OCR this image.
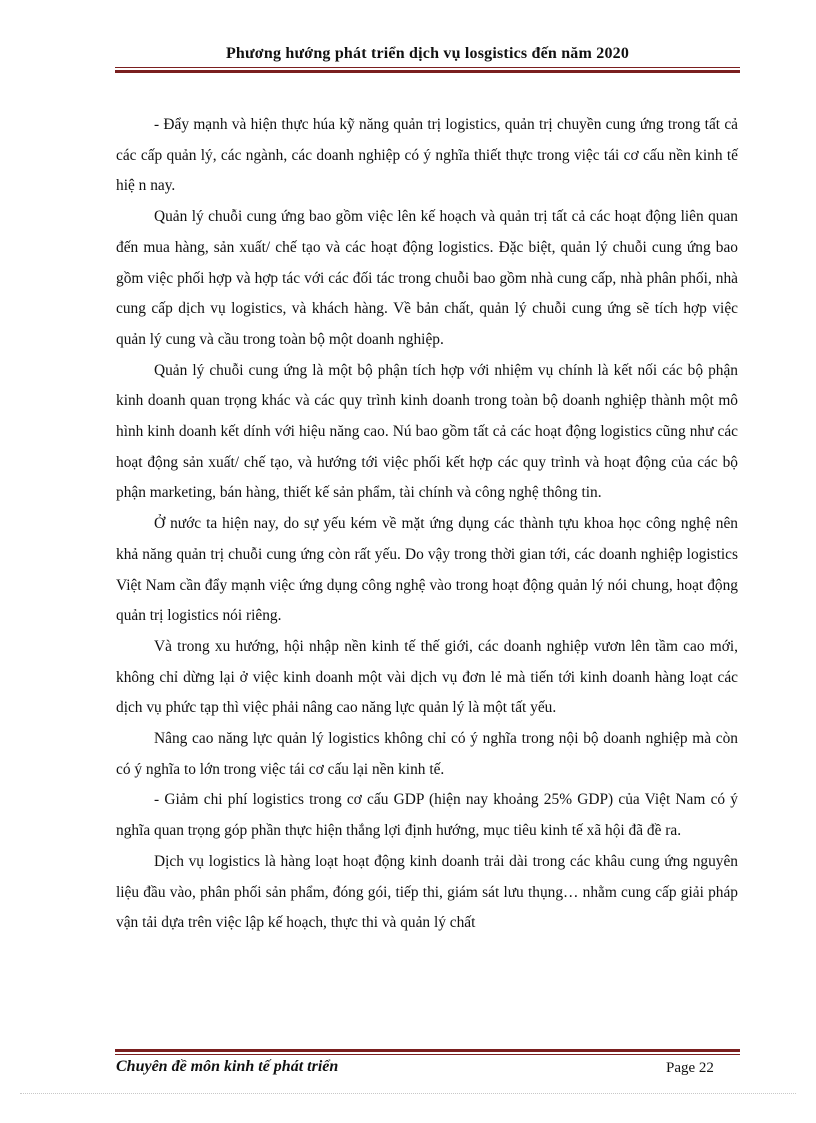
Phương hướng phát triển dịch vụ losgistics đến năm 2020

- Đẩy mạnh và hiện thực húa kỹ năng quản trị logistics, quản trị chuyền cung ứng trong tất cả các cấp quản lý, các ngành, các doanh nghiệp có ý nghĩa thiết thực trong việc tái cơ cấu nền kinh tế hiệ n nay.

Quản lý chuỗi cung ứng bao gồm việc lên kế hoạch và quản trị tất cả các hoạt động liên quan đến mua hàng, sản xuất/ chế tạo và các hoạt động logistics. Đặc biệt, quản lý chuỗi cung ứng bao gồm việc phối hợp và hợp tác với các đối tác trong chuỗi bao gồm nhà cung cấp, nhà phân phối, nhà cung cấp dịch vụ logistics, và khách hàng. Về bản chất, quản lý chuỗi cung ứng sẽ tích hợp việc quản lý cung và cầu trong toàn bộ một doanh nghiệp.

Quản lý chuỗi cung ứng là một bộ phận tích hợp với nhiệm vụ chính là kết nối các bộ phận kinh doanh quan trọng khác và các quy trình kinh doanh trong toàn bộ doanh nghiệp thành một mô hình kinh doanh kết dính với hiệu năng cao. Nú bao gồm tất cả các hoạt động logistics cũng như các hoạt động sản xuất/ chế tạo, và hướng tới việc phối kết hợp các quy trình và hoạt động của các bộ phận marketing, bán hàng, thiết kế sản phẩm, tài chính và công nghệ thông tin.

Ở nước ta hiện nay, do sự yếu kém về mặt ứng dụng các thành tựu khoa học công nghệ nên khả năng quản trị chuỗi cung ứng còn rất yếu. Do vậy trong thời gian tới, các doanh nghiệp logistics Việt Nam cần đẩy mạnh việc ứng dụng công nghệ vào trong hoạt động quản lý nói chung, hoạt động quản trị logistics nói riêng.

Và trong xu hướng, hội nhập nền kinh tế thế giới, các doanh nghiệp vươn lên tầm cao mới, không chỉ dừng lại ở việc kinh doanh một vài dịch vụ đơn lẻ mà tiến tới kinh doanh hàng loạt các dịch vụ phức tạp thì việc phải nâng cao năng lực quản lý là một tất yếu.

Nâng cao năng lực quản lý logistics không chỉ có ý nghĩa trong nội bộ doanh nghiệp mà còn có ý nghĩa to lớn trong việc tái cơ cấu lại nền kinh tế.

- Giảm chi phí logistics trong cơ cấu GDP (hiện nay khoảng 25% GDP) của Việt Nam có ý nghĩa quan trọng góp phần thực hiện thắng lợi định hướng, mục tiêu kinh tế xã hội đã đề ra.

Dịch vụ logistics là hàng loạt hoạt động kinh doanh trải dài trong các khâu cung ứng nguyên liệu đầu vào, phân phối sản phẩm, đóng gói, tiếp thi, giám sát lưu thụng… nhằm cung cấp giải pháp vận tải dựa trên việc lập kế hoạch, thực thi và quản lý chất

Chuyên đề môn kinh tế phát triển	Page 22
